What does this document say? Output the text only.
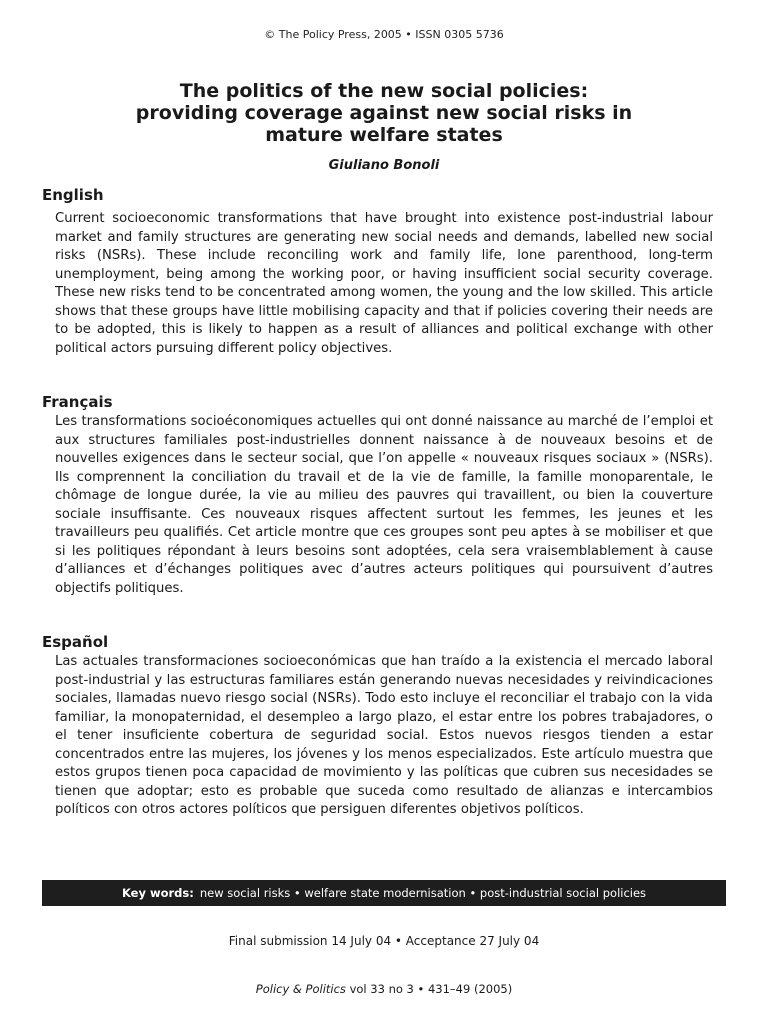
© The Policy Press, 2005 • ISSN 0305 5736
The politics of the new social policies:
providing coverage against new social risks in
mature welfare states
Giuliano Bonoli
English

Current socioeconomic transformations that have brought into existence post-industrial labour market and family structures are generating new social needs and demands, labelled new social risks (NSRs). These include reconciling work and family life, lone parenthood, long-term unemployment, being among the working poor, or having insufficient social security coverage. These new risks tend to be concentrated among women, the young and the low skilled. This article shows that these groups have little mobilising capacity and that if policies covering their needs are to be adopted, this is likely to happen as a result of alliances and political exchange with other political actors pursuing different policy objectives.

Français

Les transformations socioéconomiques actuelles qui ont donné naissance au marché de l’emploi et aux structures familiales post-industrielles donnent naissance à de nouveaux besoins et de nouvelles exigences dans le secteur social, que l’on appelle « nouveaux risques sociaux » (NSRs). Ils comprennent la conciliation du travail et de la vie de famille, la famille monoparentale, le chômage de longue durée, la vie au milieu des pauvres qui travaillent, ou bien la couverture sociale insuffisante. Ces nouveaux risques affectent surtout les femmes, les jeunes et les travailleurs peu qualifiés. Cet article montre que ces groupes sont peu aptes à se mobiliser et que si les politiques répondant à leurs besoins sont adoptées, cela sera vraisemblablement à cause d’alliances et d’échanges politiques avec d’autres acteurs politiques qui poursuivent d’autres objectifs politiques.

Español

Las actuales transformaciones socioeconómicas que han traído a la existencia el mercado laboral post-industrial y las estructuras familiares están generando nuevas necesidades y reivindicaciones sociales, llamadas nuevo riesgo social (NSRs). Todo esto incluye el reconciliar el trabajo con la vida familiar, la monopaternidad, el desempleo a largo plazo, el estar entre los pobres trabajadores, o el tener insuficiente cobertura de seguridad social. Estos nuevos riesgos tienden a estar concentrados entre las mujeres, los jóvenes y los menos especializados. Este artículo muestra que estos grupos tienen poca capacidad de movimiento y las políticas que cubren sus necesidades se tienen que adoptar; esto es probable que suceda como resultado de alianzas e intercambios políticos con otros actores políticos que persiguen diferentes objetivos políticos.

Key words: new social risks • welfare state modernisation • post-industrial social policies
Final submission 14 July 04 • Acceptance 27 July 04
Policy & Politics vol 33 no 3 • 431–49 (2005)
